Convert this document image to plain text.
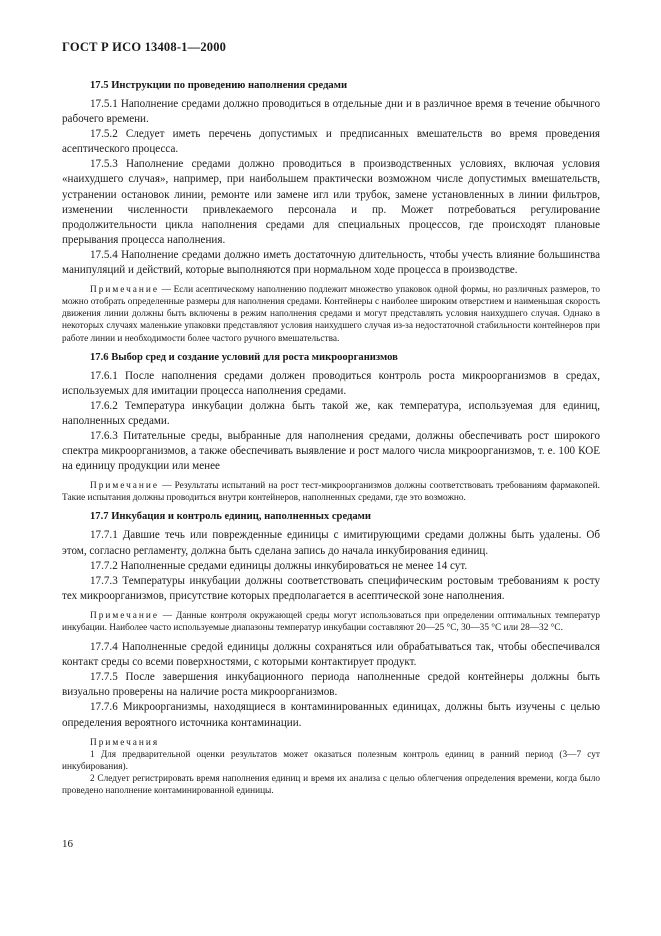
ГОСТ Р ИСО 13408-1—2000
17.5 Инструкции по проведению наполнения средами

17.5.1 Наполнение средами должно проводиться в отдельные дни и в различное время в течение обычного рабочего времени.

17.5.2 Следует иметь перечень допустимых и предписанных вмешательств во время проведения асептического процесса.

17.5.3 Наполнение средами должно проводиться в производственных условиях, включая условия «наихудшего случая», например, при наибольшем практически возможном числе допустимых вмешательств, устранении остановок линии, ремонте или замене игл или трубок, замене установленных в линии фильтров, изменении численности привлекаемого персонала и пр. Может потребоваться регулирование продолжительности цикла наполнения средами для специальных процессов, где происходят плановые прерывания процесса наполнения.

17.5.4 Наполнение средами должно иметь достаточную длительность, чтобы учесть влияние большинства манипуляций и действий, которые выполняются при нормальном ходе процесса в производстве.

Примечание — Если асептическому наполнению подлежит множество упаковок одной формы, но различных размеров, то можно отобрать определенные размеры для наполнения средами. Контейнеры с наиболее широким отверстием и наименьшая скорость движения линии должны быть включены в режим наполнения средами и могут представлять условия наихудшего случая. Однако в некоторых случаях маленькие упаковки представляют условия наихудшего случая из-за недостаточной стабильности контейнеров при работе линии и необходимости более частого ручного вмешательства.

17.6 Выбор сред и создание условий для роста микроорганизмов

17.6.1 После наполнения средами должен проводиться контроль роста микроорганизмов в средах, используемых для имитации процесса наполнения средами.

17.6.2 Температура инкубации должна быть такой же, как температура, используемая для единиц, наполненных средами.

17.6.3 Питательные среды, выбранные для наполнения средами, должны обеспечивать рост широкого спектра микроорганизмов, а также обеспечивать выявление и рост малого числа микроорганизмов, т. е. 100 КОЕ на единицу продукции или менее

Примечание — Результаты испытаний на рост тест-микроорганизмов должны соответствовать требованиям фармакопей. Такие испытания должны проводиться внутри контейнеров, наполненных средами, где это возможно.

17.7 Инкубация и контроль единиц, наполненных средами

17.7.1 Давшие течь или поврежденные единицы с имитирующими средами должны быть удалены. Об этом, согласно регламенту, должна быть сделана запись до начала инкубирования единиц.

17.7.2 Наполненные средами единицы должны инкубироваться не менее 14 сут.

17.7.3 Температуры инкубации должны соответствовать специфическим ростовым требованиям к росту тех микроорганизмов, присутствие которых предполагается в асептической зоне наполнения.

Примечание — Данные контроля окружающей среды могут использоваться при определении оптимальных температур инкубации. Наиболее часто используемые диапазоны температур инкубации составляют 20—25 °С, 30—35 °С или 28—32 °С.

17.7.4 Наполненные средой единицы должны сохраняться или обрабатываться так, чтобы обеспечивался контакт среды со всеми поверхностями, с которыми контактирует продукт.

17.7.5 После завершения инкубационного периода наполненные средой контейнеры должны быть визуально проверены на наличие роста микроорганизмов.

17.7.6 Микроорганизмы, находящиеся в контаминированных единицах, должны быть изучены с целью определения вероятного источника контаминации.

Примечания

1 Для предварительной оценки результатов может оказаться полезным контроль единиц в ранний период (3—7 сут инкубирования).

2 Следует регистрировать время наполнения единиц и время их анализа с целью облегчения определения времени, когда было проведено наполнение контаминированной единицы.

16
